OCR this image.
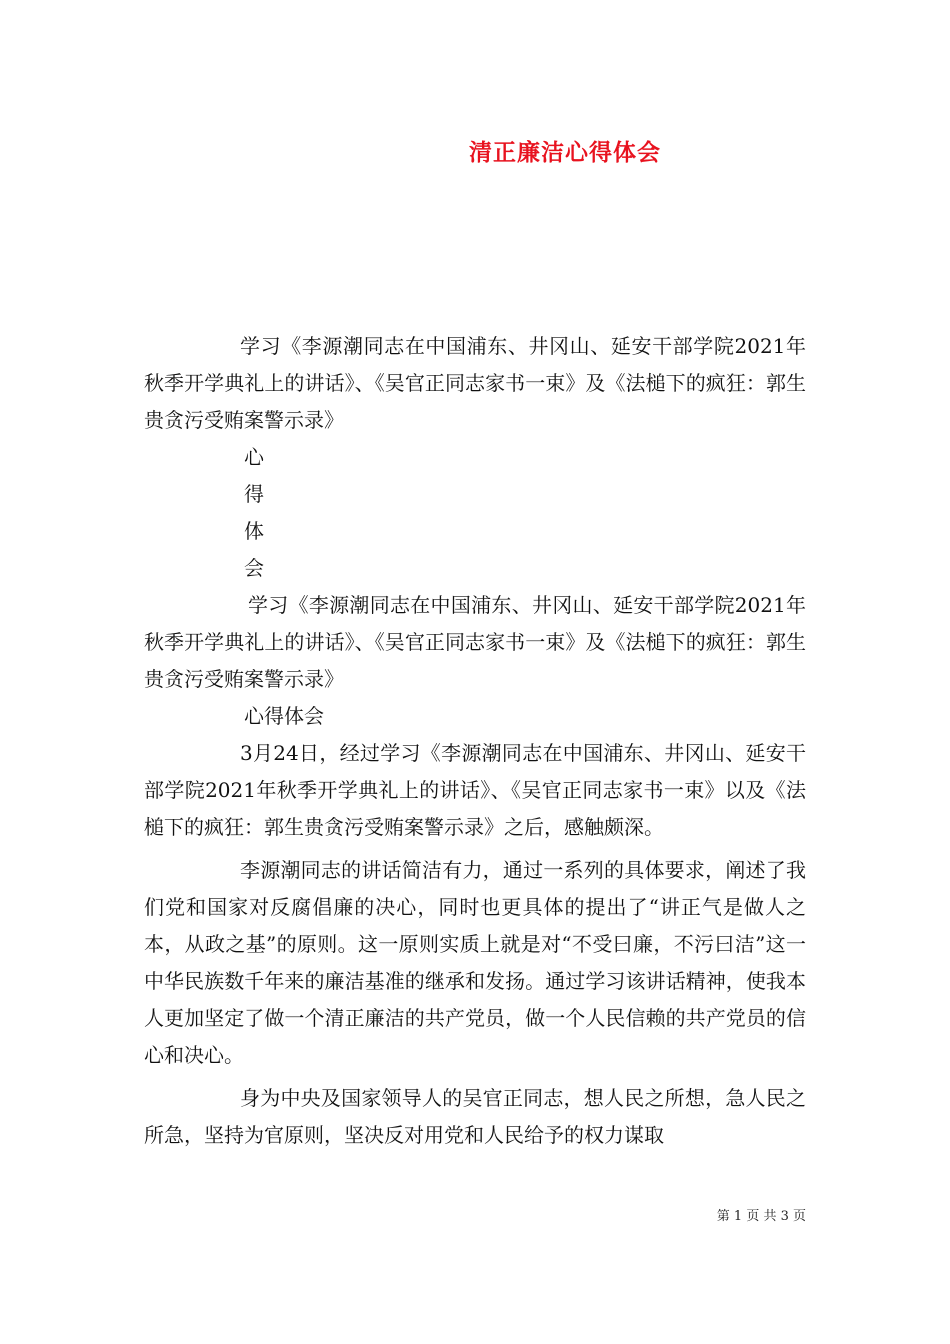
清正廉洁心得体会

学习《李源潮同志在中国浦东、井冈山、延安干部学院2021年秋季开学典礼上的讲话》、《吴官正同志家书一束》及《法槌下的疯狂：郭生贵贪污受贿案警示录》

心
得
体
会

学习《李源潮同志在中国浦东、井冈山、延安干部学院2021年秋季开学典礼上的讲话》、《吴官正同志家书一束》及《法槌下的疯狂：郭生贵贪污受贿案警示录》

心得体会

3月24日，经过学习《李源潮同志在中国浦东、井冈山、延安干部学院2021年秋季开学典礼上的讲话》、《吴官正同志家书一束》以及《法槌下的疯狂：郭生贵贪污受贿案警示录》之后，感触颇深。

李源潮同志的讲话简洁有力，通过一系列的具体要求，阐述了我们党和国家对反腐倡廉的决心，同时也更具体的提出了“讲正气是做人之本，从政之基”的原则。这一原则实质上就是对“不受曰廉，不污曰洁”这一中华民族数千年来的廉洁基准的继承和发扬。通过学习该讲话精神，使我本人更加坚定了做一个清正廉洁的共产党员，做一个人民信赖的共产党员的信心和决心。

身为中央及国家领导人的吴官正同志，想人民之所想，急人民之所急，坚持为官原则，坚决反对用党和人民给予的权力谋取

第 1 页 共 3 页
